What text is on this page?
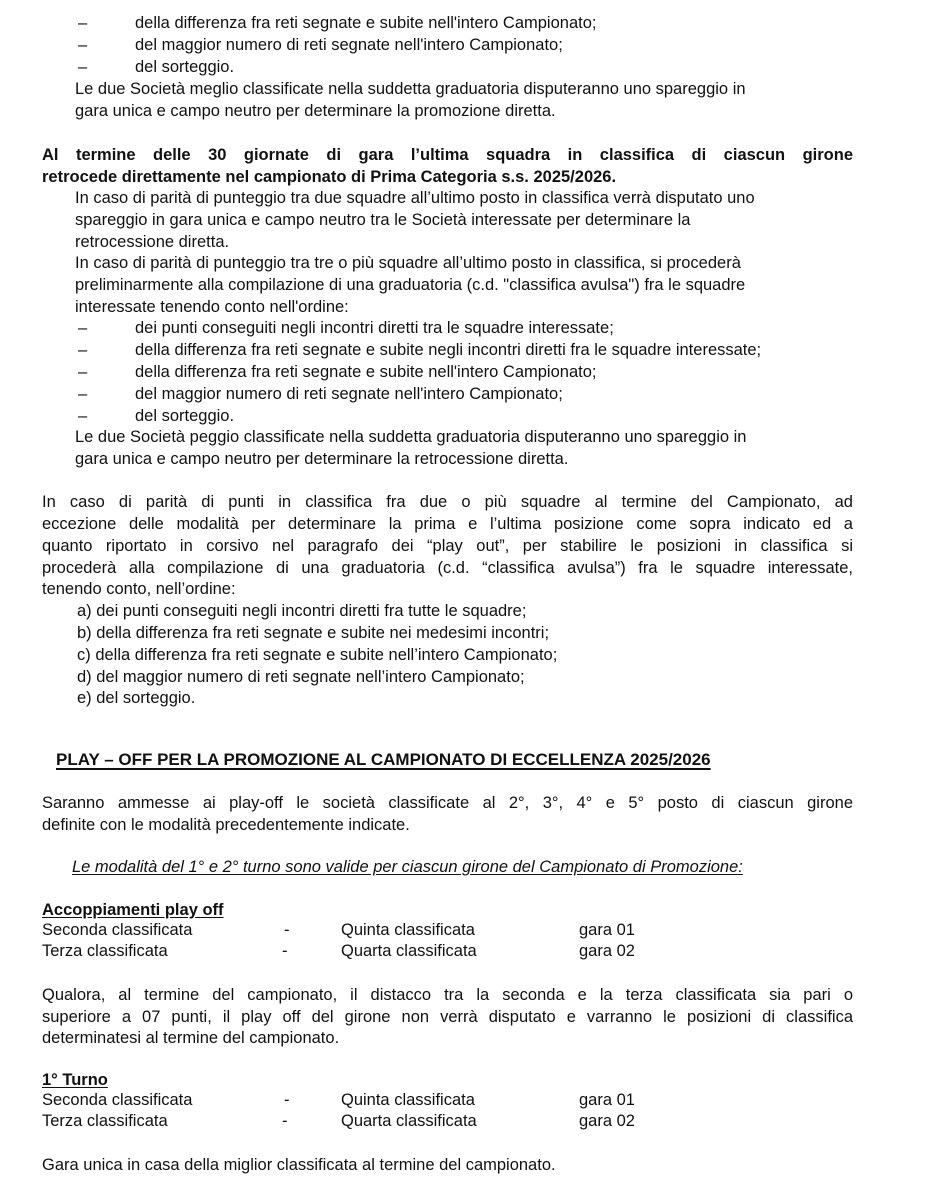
–	della differenza fra reti segnate e subite nell'intero Campionato;
–	del maggior numero di reti segnate nell'intero Campionato;
–	del sorteggio.
Le due Società meglio classificate nella suddetta graduatoria disputeranno uno spareggio in
gara unica e campo neutro per determinare la promozione diretta.
Al termine delle 30 giornate di gara l’ultima squadra in classifica di ciascun girone
retrocede direttamente nel campionato di Prima Categoria s.s. 2025/2026.
In caso di parità di punteggio tra due squadre all’ultimo posto in classifica verrà disputato uno
spareggio in gara unica e campo neutro tra le Società interessate per determinare la
retrocessione diretta.
In caso di parità di punteggio tra tre o più squadre all’ultimo posto in classifica, si procederà
preliminarmente alla compilazione di una graduatoria (c.d. "classifica avulsa") fra le squadre
interessate tenendo conto nell'ordine:
–	dei punti conseguiti negli incontri diretti tra le squadre interessate;
–	della differenza fra reti segnate e subite negli incontri diretti fra le squadre interessate;
–	della differenza fra reti segnate e subite nell'intero Campionato;
–	del maggior numero di reti segnate nell'intero Campionato;
–	del sorteggio.
Le due Società peggio classificate nella suddetta graduatoria disputeranno uno spareggio in
gara unica e campo neutro per determinare la retrocessione diretta.
In caso di parità di punti in classifica fra due o più squadre al termine del Campionato, ad
eccezione delle modalità per determinare la prima e l’ultima posizione come sopra indicato ed a
quanto riportato in corsivo nel paragrafo dei “play out”, per stabilire le posizioni in classifica si
procederà alla compilazione di una graduatoria (c.d. “classifica avulsa”) fra le squadre interessate,
tenendo conto, nell’ordine:
a) dei punti conseguiti negli incontri diretti fra tutte le squadre;
b) della differenza fra reti segnate e subite nei medesimi incontri;
c) della differenza fra reti segnate e subite nell’intero Campionato;
d) del maggior numero di reti segnate nell’intero Campionato;
e) del sorteggio.
PLAY – OFF PER LA PROMOZIONE AL CAMPIONATO DI ECCELLENZA 2025/2026
Saranno ammesse ai play-off le società classificate al 2°, 3°, 4° e 5° posto di ciascun girone
definite con le modalità precedentemente indicate.
Le modalità del 1° e 2° turno sono valide per ciascun girone del Campionato di Promozione:
Accoppiamenti play off
Seconda classificata	-	Quinta classificata	gara 01
Terza classificata	-	Quarta classificata	gara 02
Qualora, al termine del campionato, il distacco tra la seconda e la terza classificata sia pari o
superiore a 07 punti, il play off del girone non verrà disputato e varranno le posizioni di classifica
determinatesi al termine del campionato.
1° Turno
Seconda classificata	-	Quinta classificata	gara 01
Terza classificata	-	Quarta classificata	gara 02
Gara unica in casa della miglior classificata al termine del campionato.
